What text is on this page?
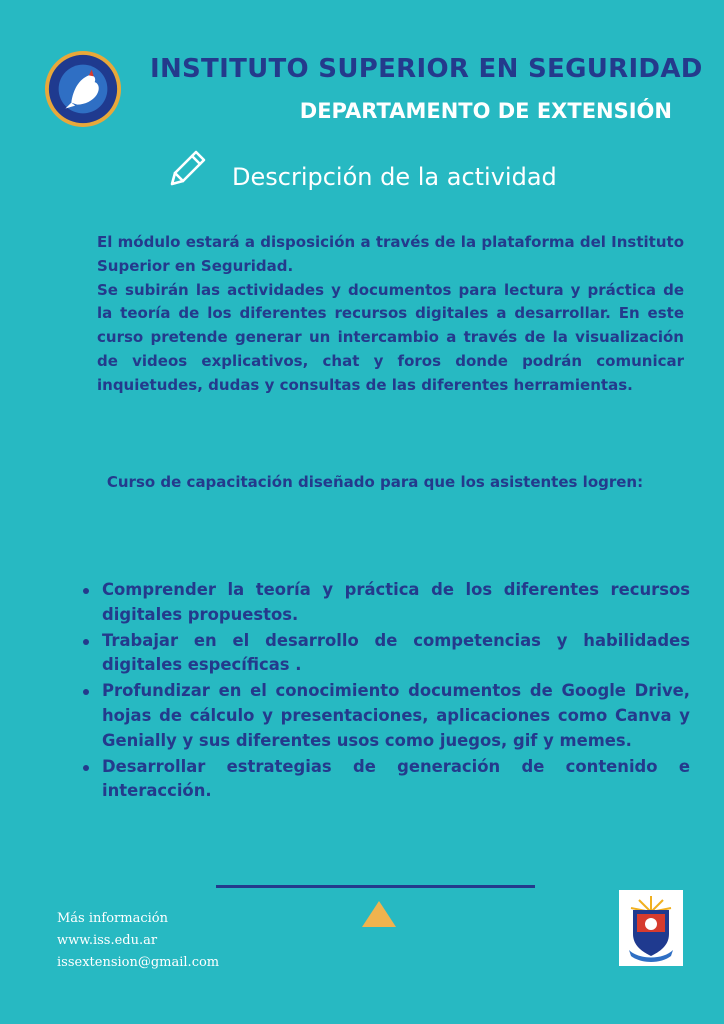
INSTITUTO SUPERIOR EN SEGURIDAD
DEPARTAMENTO DE EXTENSIÓN
Descripción de la actividad

El módulo estará a disposición a través de la plataforma del Instituto Superior en Seguridad.

Se subirán las actividades y documentos para lectura y práctica de la teoría de los diferentes recursos digitales a desarrollar. En este curso pretende generar un intercambio a través de la visualización de videos explicativos, chat y foros donde podrán comunicar inquietudes, dudas y consultas de las diferentes herramientas.

Curso de capacitación diseñado para que los asistentes logren:
Comprender la teoría y práctica de los diferentes recursos digitales propuestos.
Trabajar en el desarrollo de competencias y habilidades digitales específicas .
Profundizar en el conocimiento documentos de Google Drive, hojas de cálculo y presentaciones, aplicaciones como Canva y Genially y sus diferentes usos como juegos, gif y memes.
Desarrollar estrategias de generación de contenido e interacción.
Más información
www.iss.edu.ar
issextension@gmail.com
